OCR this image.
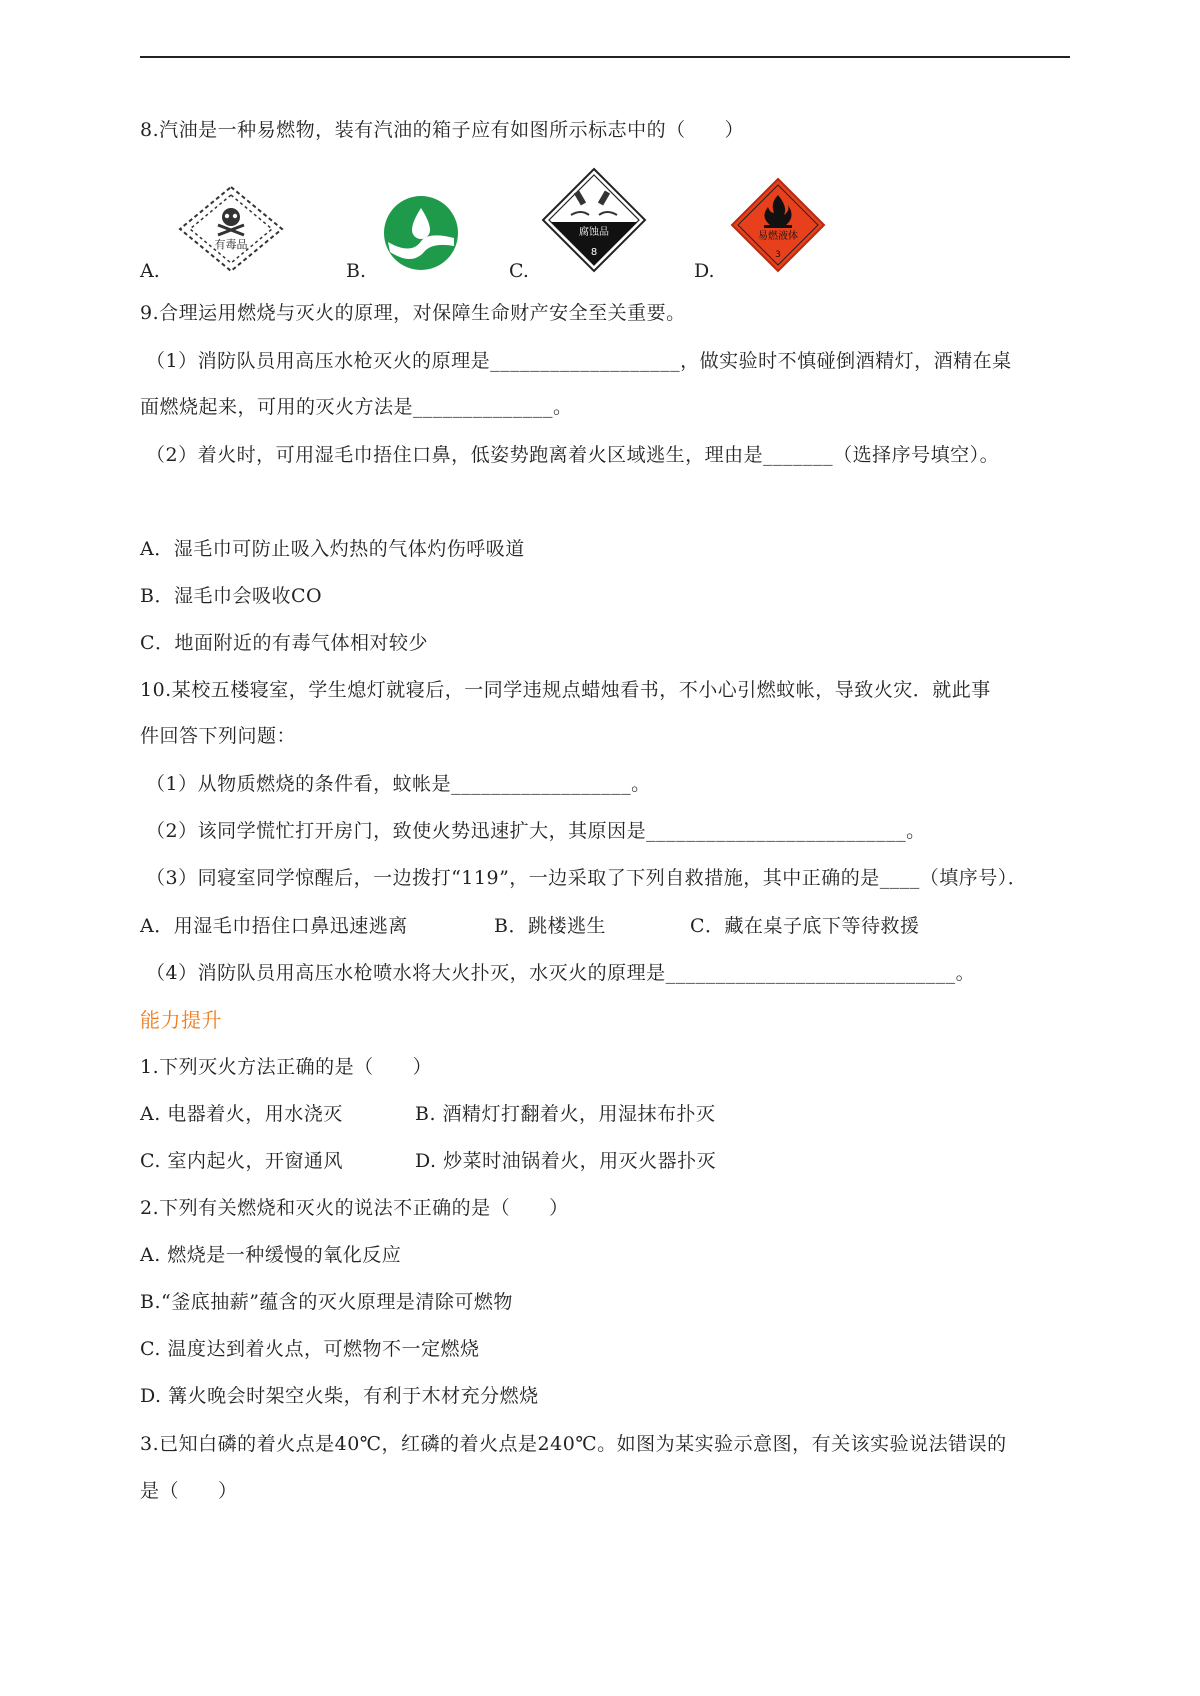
8.汽油是一种易燃物，装有汽油的箱子应有如图所示标志中的（　　）
A.
有毒品
B.	C.
腐蚀品
8
D.
易燃液体
3
9.合理运用燃烧与灭火的原理，对保障生命财产安全至关重要。
（1）消防队员用高压水枪灭火的原理是___________________，做实验时不慎碰倒酒精灯，酒精在桌
面燃烧起来，可用的灭火方法是______________。
（2）着火时，可用湿毛巾捂住口鼻，低姿势跑离着火区域逃生，理由是_______（选择序号填空）。
A．湿毛巾可防止吸入灼热的气体灼伤呼吸道
B．湿毛巾会吸收CO
C．地面附近的有毒气体相对较少
10.某校五楼寝室，学生熄灯就寝后，一同学违规点蜡烛看书，不小心引燃蚊帐，导致火灾．就此事
件回答下列问题：
（1）从物质燃烧的条件看，蚊帐是__________________。
（2）该同学慌忙打开房门，致使火势迅速扩大，其原因是__________________________。
（3）同寝室同学惊醒后，一边拨打“119”，一边采取了下列自救措施，其中正确的是____（填序号）．
A．用湿毛巾捂住口鼻迅速逃离	B．跳楼逃生	C．藏在桌子底下等待救援
（4）消防队员用高压水枪喷水将大火扑灭，水灭火的原理是_____________________________。
能力提升
1.下列灭火方法正确的是（　　）
A. 电器着火，用水浇灭	B. 酒精灯打翻着火，用湿抹布扑灭
C. 室内起火，开窗通风	D. 炒菜时油锅着火，用灭火器扑灭
2.下列有关燃烧和灭火的说法不正确的是（　　）
A. 燃烧是一种缓慢的氧化反应
B.“釜底抽薪”蕴含的灭火原理是清除可燃物
C. 温度达到着火点，可燃物不一定燃烧
D. 篝火晚会时架空火柴，有利于木材充分燃烧
3.已知白磷的着火点是40℃，红磷的着火点是240℃。如图为某实验示意图，有关该实验说法错误的
是（　　）
